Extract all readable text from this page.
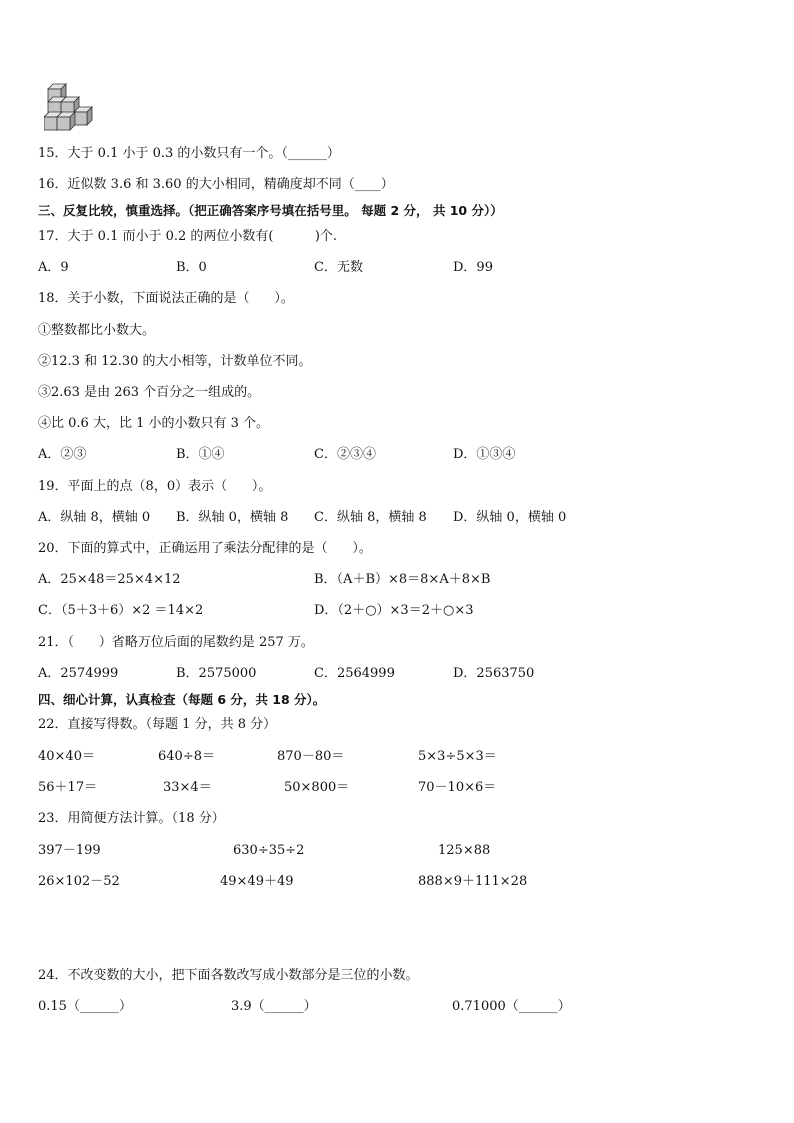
15．大于 0.1 小于 0.3 的小数只有一个。（______）
16．近似数 3.6 和 3.60 的大小相同，精确度却不同（____）
三、反复比较，慎重选择。（把正确答案序号填在括号里。 每题 2 分， 共 10 分））
17．大于 0.1 而小于 0.2 的两位小数有(          )个.
A．9	B．0	C．无数	D．99
18．关于小数，下面说法正确的是（      ）。
①整数都比小数大。
②12.3 和 12.30 的大小相等，计数单位不同。
③2.63 是由 263 个百分之一组成的。
④比 0.6 大，比 1 小的小数只有 3 个。
A．②③	B．①④	C．②③④	D．①③④
19．平面上的点（8，0）表示（      ）。
A．纵轴 8，横轴 0 B．纵轴 0，横轴 8 C．纵轴 8，横轴 8 D．纵轴 0，横轴 0
20．下面的算式中，正确运用了乘法分配律的是（      ）。
A．25×48＝25×4×12	B．（A＋B）×8＝8×A＋8×B
C．（5＋3＋6）×2 ＝14×2	D．（2＋○）×3＝2＋○×3
21．（      ）省略万位后面的尾数约是 257 万。
A．2574999	B．2575000	C．2564999	D．2563750
四、细心计算，认真检查（每题 6 分，共 18 分）。
22．直接写得数。（每题 1 分，共 8 分）
40×40＝	640÷8＝	870－80＝	5×3÷5×3＝
56＋17＝	33×4＝	50×800＝	70－10×6＝
23．用简便方法计算。（18 分）
397－199	630÷35÷2	125×88
26×102－52	49×49＋49	888×9＋111×28
24．不改变数的大小，把下面各数改写成小数部分是三位的小数。
0.15（______）	3.9（______）	0.71000（______）
